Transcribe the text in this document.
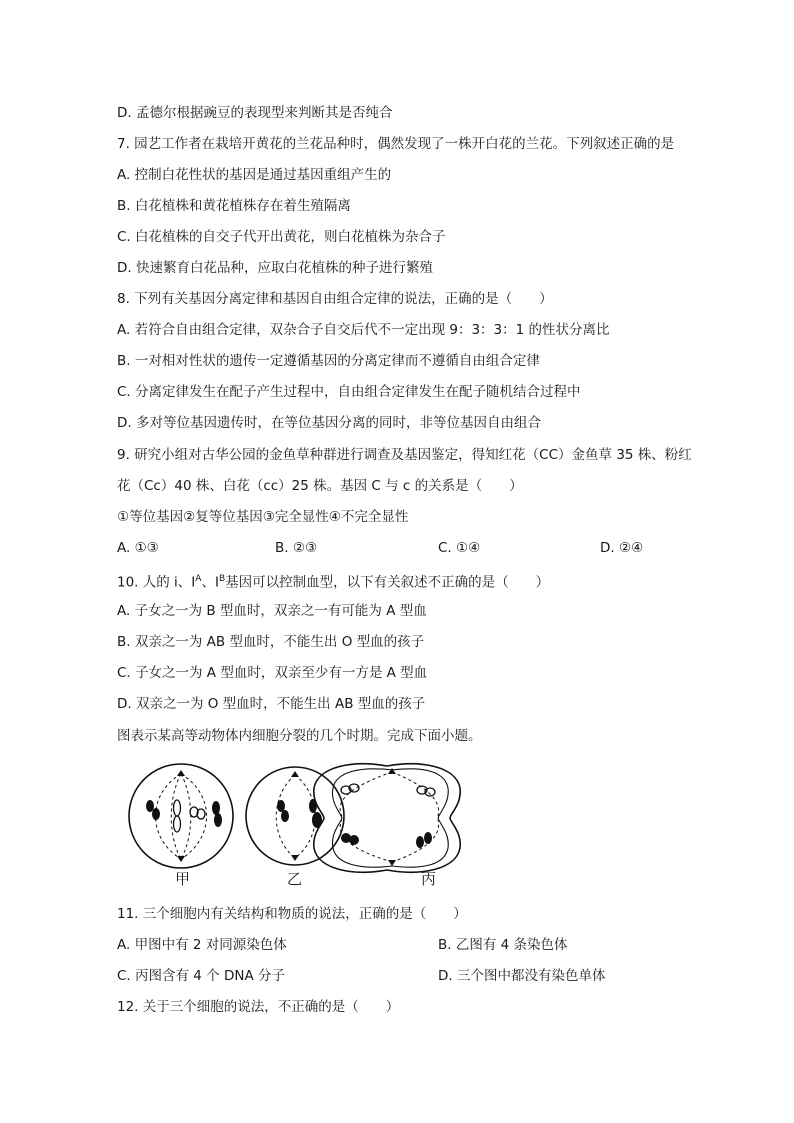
D. 孟德尔根据豌豆的表现型来判断其是否纯合
7. 园艺工作者在栽培开黄花的兰花品种时，偶然发现了一株开白花的兰花。下列叙述正确的是
A. 控制白花性状的基因是通过基因重组产生的
B. 白花植株和黄花植株存在着生殖隔离
C. 白花植株的自交子代开出黄花，则白花植株为杂合子
D. 快速繁育白花品种，应取白花植株的种子进行繁殖
8. 下列有关基因分离定律和基因自由组合定律的说法，正确的是（　　）
A. 若符合自由组合定律，双杂合子自交后代不一定出现 9：3：3：1 的性状分离比
B. 一对相对性状的遗传一定遵循基因的分离定律而不遵循自由组合定律
C. 分离定律发生在配子产生过程中，自由组合定律发生在配子随机结合过程中
D. 多对等位基因遗传时，在等位基因分离的同时，非等位基因自由组合
9. 研究小组对古华公园的金鱼草种群进行调查及基因鉴定，得知红花（CC）金鱼草 35 株、粉红
花（Cc）40 株、白花（cc）25 株。基因 C 与 c 的关系是（　　）
①等位基因②复等位基因③完全显性④不完全显性
A. ①③	B. ②③	C. ①④	D. ②④
10. 人的 i、$I^A$、$I^B$基因可以控制血型，以下有关叙述不正确的是（　　）
A. 子女之一为 B 型血时，双亲之一有可能为 A 型血
B. 双亲之一为 AB 型血时，不能生出 O 型血的孩子
C. 子女之一为 A 型血时，双亲至少有一方是 A 型血
D. 双亲之一为 O 型血时，不能生出 AB 型血的孩子
图表示某高等动物体内细胞分裂的几个时期。完成下面小题。
甲	乙	丙
11. 三个细胞内有关结构和物质的说法，正确的是（　　）
A. 甲图中有 2 对同源染色体	B. 乙图有 4 条染色体
C. 丙图含有 4 个 DNA 分子	D. 三个图中都没有染色单体
12. 关于三个细胞的说法，不正确的是（　　）
